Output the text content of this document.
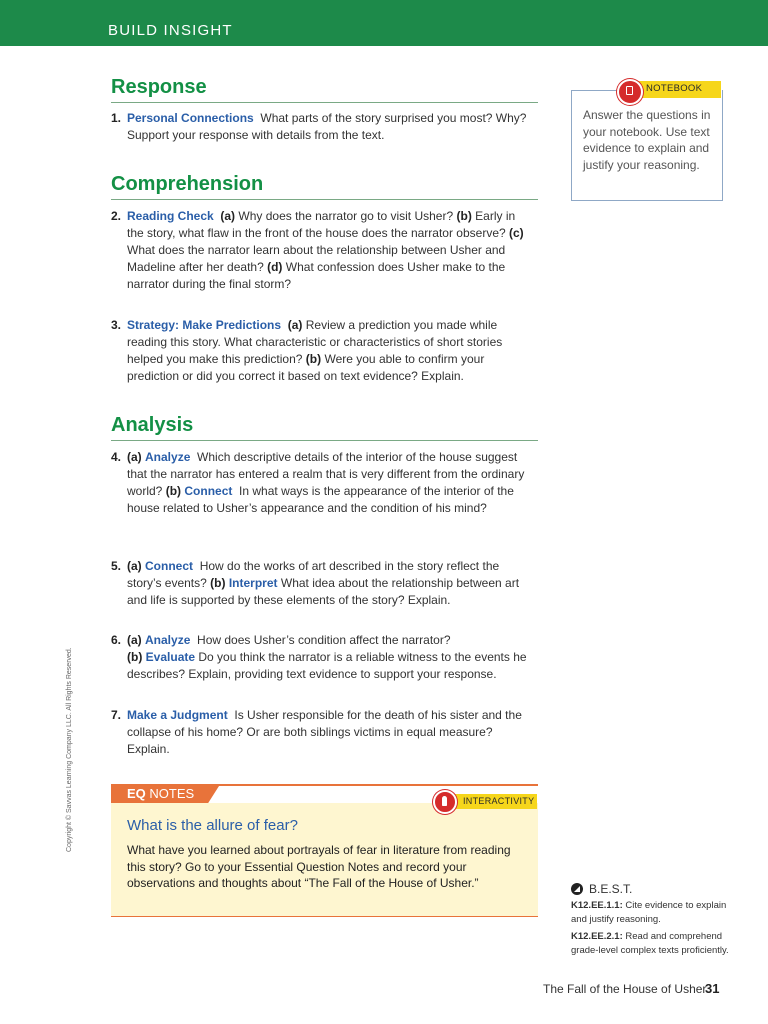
BUILD INSIGHT
Response
1. Personal Connections What parts of the story surprised you most? Why? Support your response with details from the text.
Comprehension
2. Reading Check (a) Why does the narrator go to visit Usher? (b) Early in the story, what flaw in the front of the house does the narrator observe? (c) What does the narrator learn about the relationship between Usher and Madeline after her death? (d) What confession does Usher make to the narrator during the final storm?
3. Strategy: Make Predictions (a) Review a prediction you made while reading this story. What characteristic or characteristics of short stories helped you make this prediction? (b) Were you able to confirm your prediction or did you correct it based on text evidence? Explain.
Analysis
4. (a) Analyze Which descriptive details of the interior of the house suggest that the narrator has entered a realm that is very different from the ordinary world? (b) Connect In what ways is the appearance of the interior of the house related to Usher’s appearance and the condition of his mind?
5. (a) Connect How do the works of art described in the story reflect the story’s events? (b) Interpret What idea about the relationship between art and life is supported by these elements of the story? Explain.
6. (a) Analyze How does Usher’s condition affect the narrator?
(b) Evaluate Do you think the narrator is a reliable witness to the events he describes? Explain, providing text evidence to support your response.
7. Make a Judgment Is Usher responsible for the death of his sister and the collapse of his home? Or are both siblings victims in equal measure? Explain.
NOTEBOOK
Answer the questions in your notebook. Use text evidence to explain and justify your reasoning.
EQ NOTES	INTERACTIVITY
What is the allure of fear?
What have you learned about portrayals of fear in literature from reading this story? Go to your Essential Question Notes and record your observations and thoughts about “The Fall of the House of Usher.”
Copyright © Savvas Learning Company LLC. All Rights Reserved.
B.E.S.T.
K12.EE.1.1: Cite evidence to explain and justify reasoning.
K12.EE.2.1: Read and comprehend grade-level complex texts proficiently.
The Fall of the House of Usher
31
